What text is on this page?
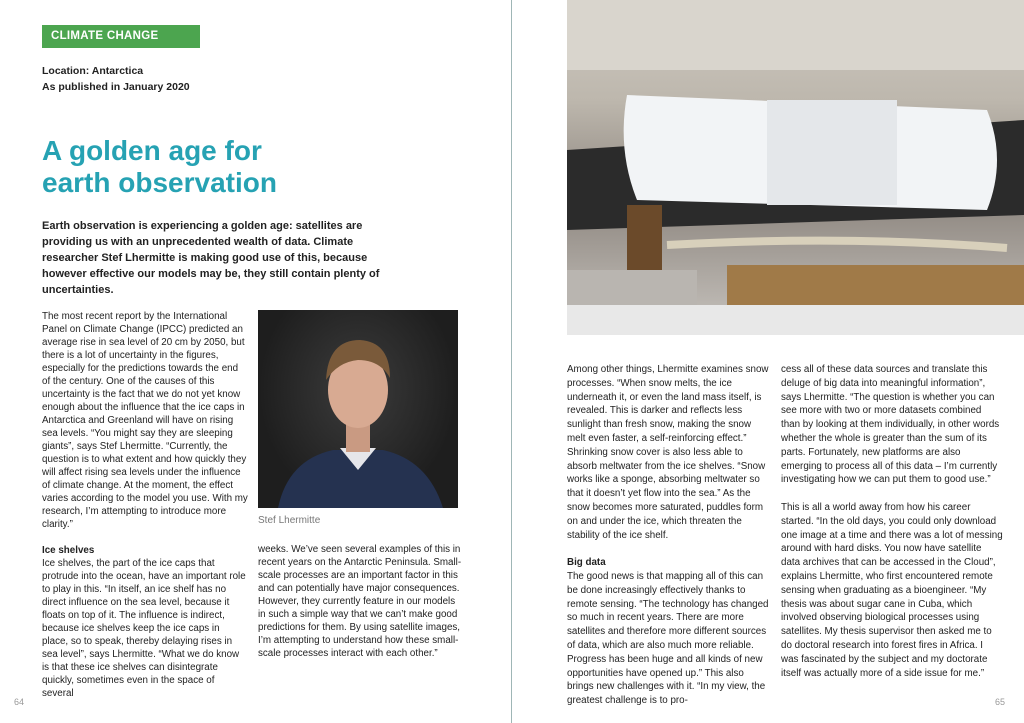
CLIMATE CHANGE
Location: Antarctica
As published in January 2020
A golden age for
earth observation
Earth observation is experiencing a golden age: satellites are providing us with an unprecedented wealth of data. Climate researcher Stef Lhermitte is making good use of this, because however effective our models may be, they still contain plenty of uncertainties.

The most recent report by the International Panel on Climate Change (IPCC) predicted an average rise in sea level of 20 cm by 2050, but there is a lot of uncertainty in the figures, especially for the predictions towards the end of the century. One of the causes of this uncertainty is the fact that we do not yet know enough about the influence that the ice caps in Antarctica and Greenland will have on rising sea levels. “You might say they are sleeping giants”, says Stef Lhermitte. “Currently, the question is to what extent and how quickly they will affect rising sea levels under the influence of climate change. At the moment, the effect varies according to the model you use. With my research, I’m attempting to introduce more clarity.”

Ice shelves

Ice shelves, the part of the ice caps that protrude into the ocean, have an important role to play in this. “In itself, an ice shelf has no direct influence on the sea level, because it floats on top of it. The influence is indirect, because ice shelves keep the ice caps in place, so to speak, thereby delaying rises in sea level”, says Lhermitte. “What we do know is that these ice shelves can disintegrate quickly, sometimes even in the space of several

Stef Lhermitte

weeks. We’ve seen several examples of this in recent years on the Antarctic Peninsula. Small-scale processes are an important factor in this and can potentially have major consequences. However, they currently feature in our models in such a simple way that we can’t make good predictions for them. By using satellite images, I’m attempting to understand how these small-scale processes interact with each other.”

64

Among other things, Lhermitte examines snow processes. “When snow melts, the ice underneath it, or even the land mass itself, is revealed. This is darker and reflects less sunlight than fresh snow, making the snow melt even faster, a self-reinforcing effect.” Shrinking snow cover is also less able to absorb meltwater from the ice shelves. “Snow works like a sponge, absorbing meltwater so that it doesn’t yet flow into the sea.” As the snow becomes more saturated, puddles form on and under the ice, which threaten the stability of the ice shelf.

Big data

The good news is that mapping all of this can be done increasingly effectively thanks to remote sensing. “The technology has changed so much in recent years. There are more satellites and therefore more different sources of data, which are also much more reliable. Progress has been huge and all kinds of new opportunities have opened up.” This also brings new challenges with it. “In my view, the greatest challenge is to pro-

cess all of these data sources and translate this deluge of big data into meaningful information”, says Lhermitte. “The question is whether you can see more with two or more datasets combined than by looking at them individually, in other words whether the whole is greater than the sum of its parts. Fortunately, new platforms are also emerging to process all of this data – I’m currently investigating how we can put them to good use.”

This is all a world away from how his career started. “In the old days, you could only download one image at a time and there was a lot of messing around with hard disks. You now have satellite data archives that can be accessed in the Cloud”, explains Lhermitte, who first encountered remote sensing when graduating as a bioengineer. “My thesis was about sugar cane in Cuba, which involved observing biological processes using satellites. My thesis supervisor then asked me to do doctoral research into forest fires in Africa. I was fascinated by the subject and my doctorate itself was actually more of a side issue for me.”

65
